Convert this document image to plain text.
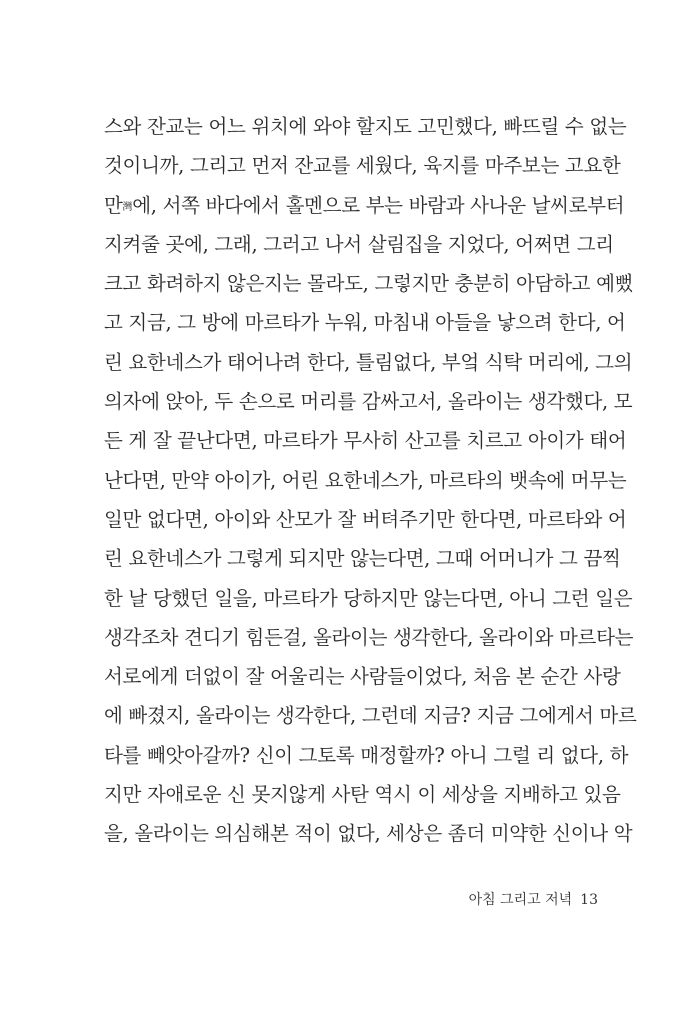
스와 잔교는 어느 위치에 와야 할지도 고민했다, 빠뜨릴 수 없는
것이니까, 그리고 먼저 잔교를 세웠다, 육지를 마주보는 고요한
만灣에, 서쪽 바다에서 홀멘으로 부는 바람과 사나운 날씨로부터
지켜줄 곳에, 그래, 그러고 나서 살림집을 지었다, 어쩌면 그리
크고 화려하지 않은지는 몰라도, 그렇지만 충분히 아담하고 예뻤
고 지금, 그 방에 마르타가 누워, 마침내 아들을 낳으려 한다, 어
린 요한네스가 태어나려 한다, 틀림없다, 부엌 식탁 머리에, 그의
의자에 앉아, 두 손으로 머리를 감싸고서, 올라이는 생각했다, 모
든 게 잘 끝난다면, 마르타가 무사히 산고를 치르고 아이가 태어
난다면, 만약 아이가, 어린 요한네스가, 마르타의 뱃속에 머무는
일만 없다면, 아이와 산모가 잘 버텨주기만 한다면, 마르타와 어
린 요한네스가 그렇게 되지만 않는다면, 그때 어머니가 그 끔찍
한 날 당했던 일을, 마르타가 당하지만 않는다면, 아니 그런 일은
생각조차 견디기 힘든걸, 올라이는 생각한다, 올라이와 마르타는
서로에게 더없이 잘 어울리는 사람들이었다, 처음 본 순간 사랑
에 빠졌지, 올라이는 생각한다, 그런데 지금? 지금 그에게서 마르
타를 빼앗아갈까? 신이 그토록 매정할까? 아니 그럴 리 없다, 하
지만 자애로운 신 못지않게 사탄 역시 이 세상을 지배하고 있음
을, 올라이는 의심해본 적이 없다, 세상은 좀더 미약한 신이나 악
아침 그리고 저녁 13
